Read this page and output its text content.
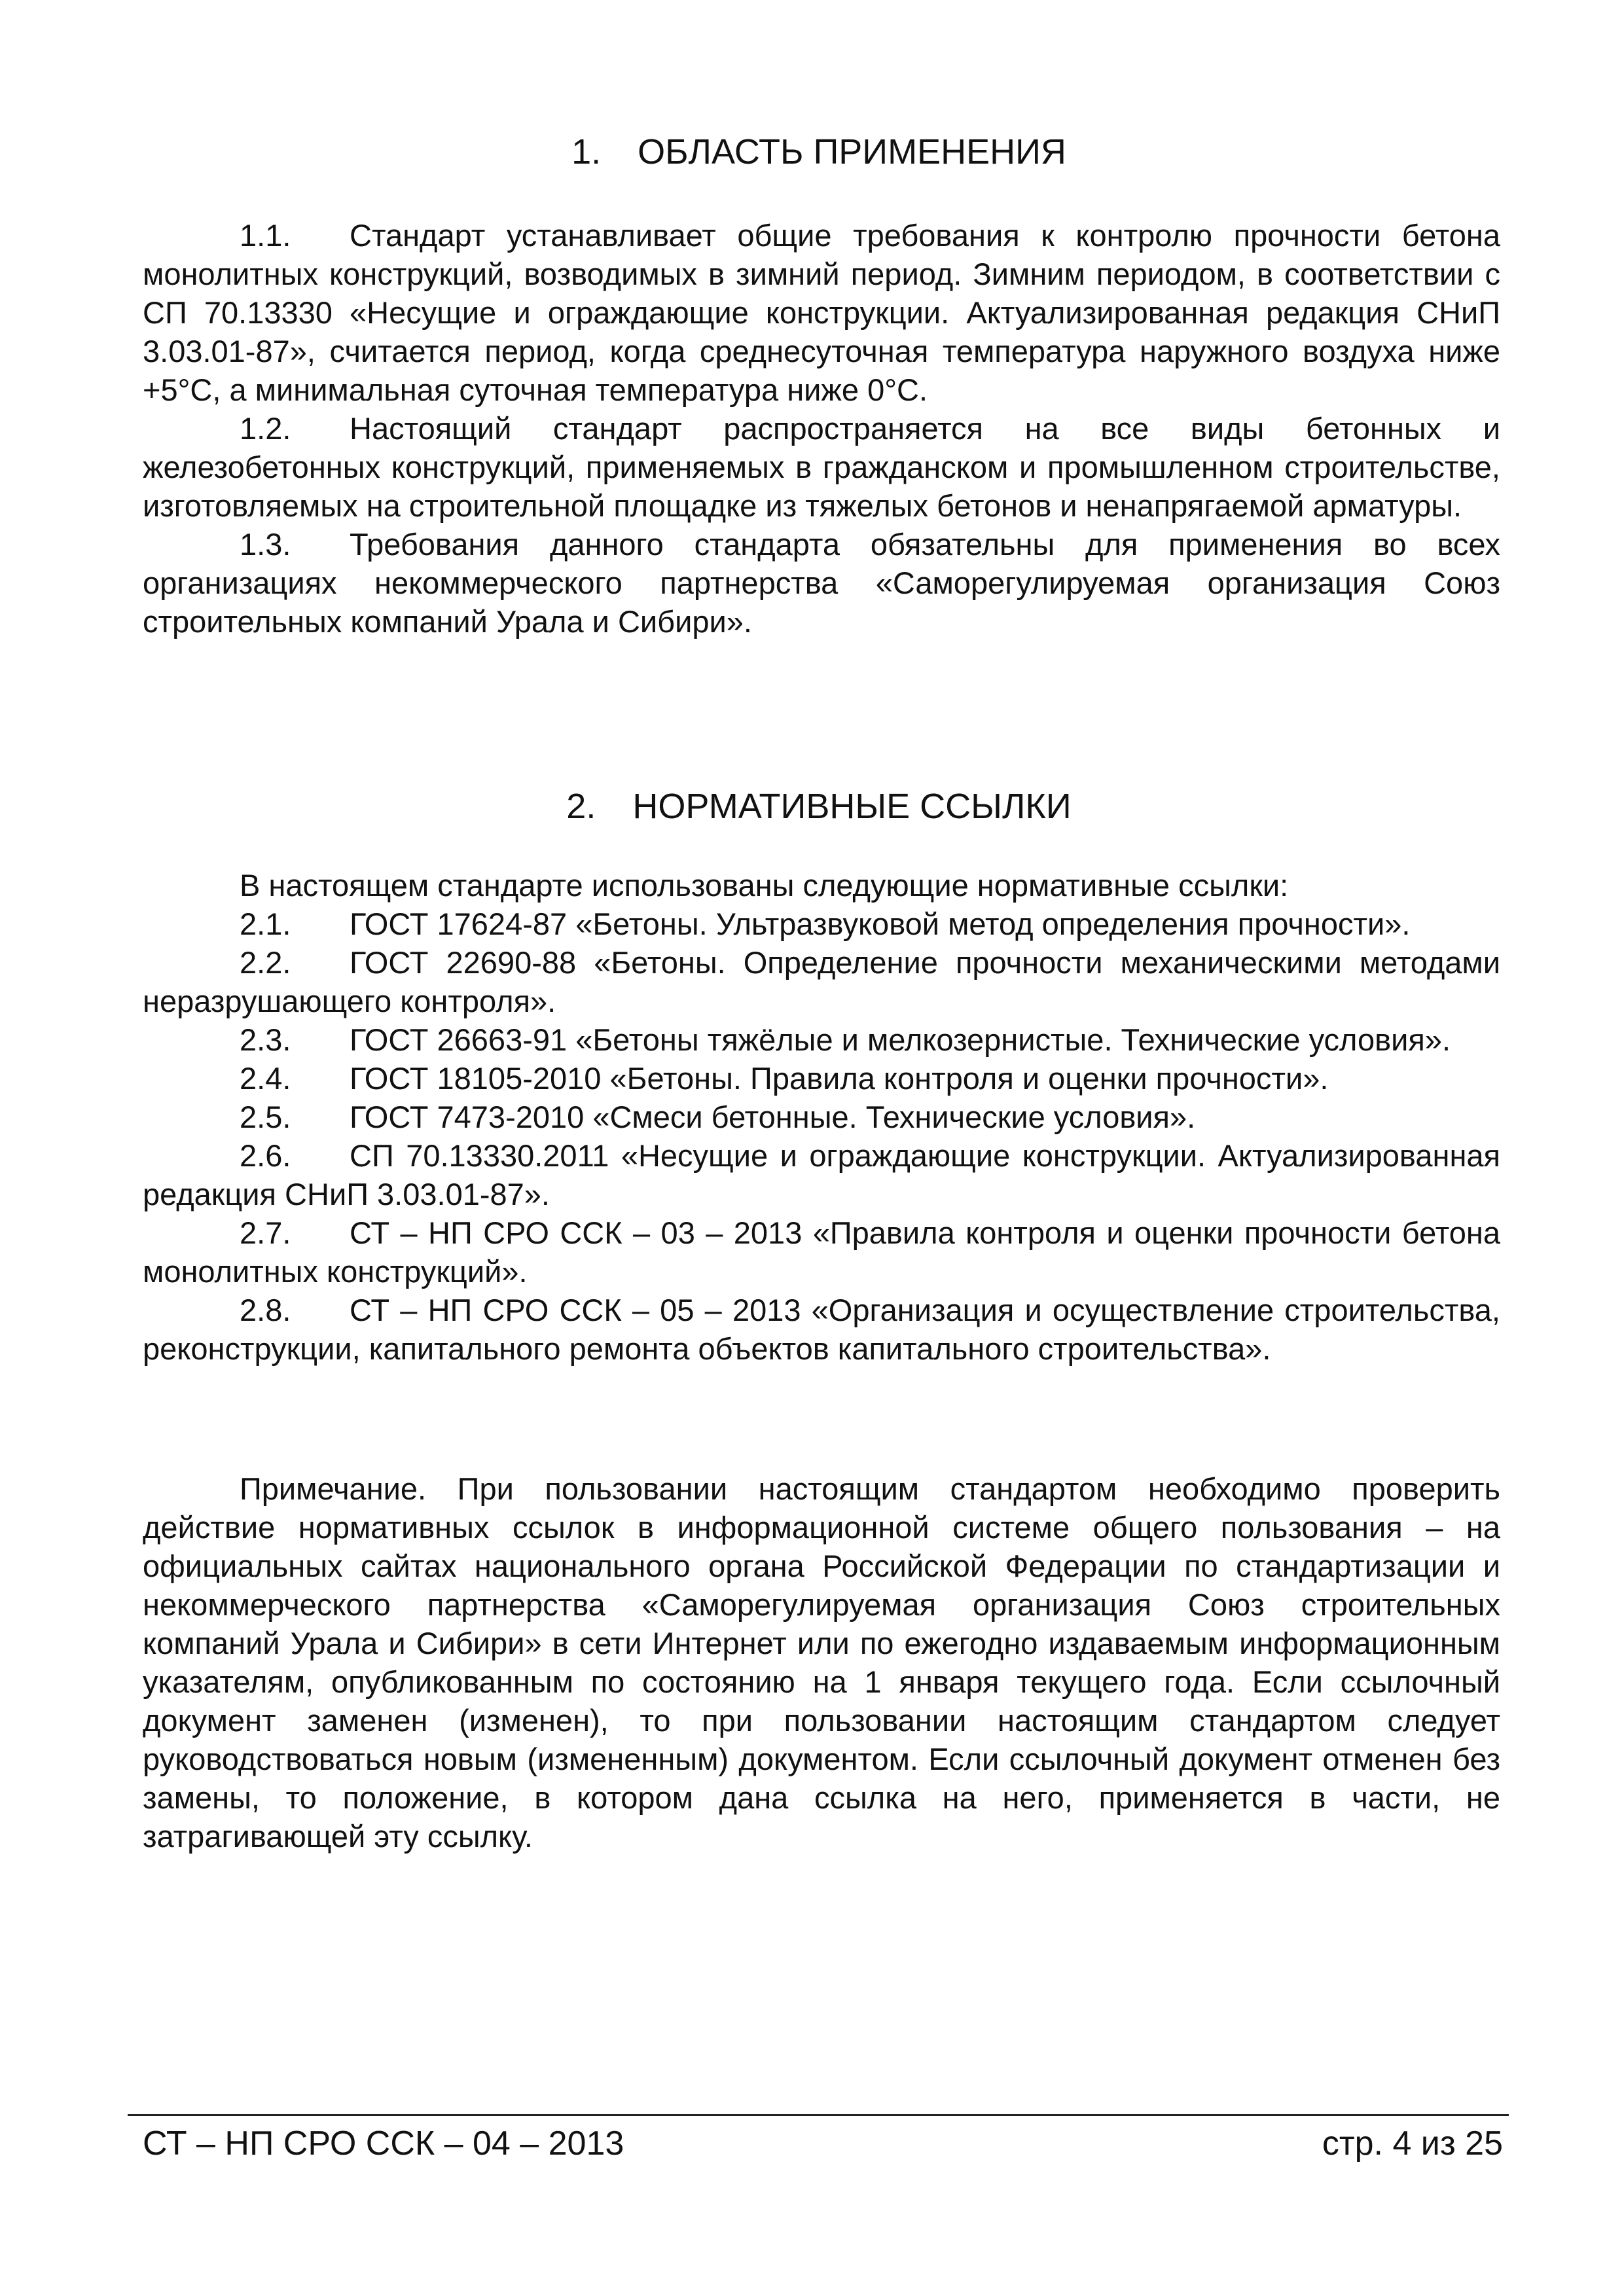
1. ОБЛАСТЬ ПРИМЕНЕНИЯ

1.1. Стандарт устанавливает общие требования к контролю прочности бетона монолитных конструкций, возводимых в зимний период. Зимним периодом, в соответствии с СП 70.13330 «Несущие и ограждающие конструкции. Актуализированная редакция СНиП 3.03.01-87», считается период, когда среднесуточная температура наружного воздуха ниже +5°С, а минимальная суточная температура ниже 0°С.

1.2. Настоящий стандарт распространяется на все виды бетонных и железобетонных конструкций, применяемых в гражданском и промышленном строительстве, изготовляемых на строительной площадке из тяжелых бетонов и ненапрягаемой арматуры.

1.3. Требования данного стандарта обязательны для применения во всех организациях некоммерческого партнерства «Саморегулируемая организация Союз строительных компаний Урала и Сибири».

2. НОРМАТИВНЫЕ ССЫЛКИ

В настоящем стандарте использованы следующие нормативные ссылки:

2.1. ГОСТ 17624-87 «Бетоны. Ультразвуковой метод определения прочности».

2.2. ГОСТ 22690-88 «Бетоны. Определение прочности механическими методами неразрушающего контроля».

2.3. ГОСТ 26663-91 «Бетоны тяжёлые и мелкозернистые. Технические условия».

2.4. ГОСТ 18105-2010 «Бетоны. Правила контроля и оценки прочности».

2.5. ГОСТ 7473-2010 «Смеси бетонные. Технические условия».

2.6. СП 70.13330.2011 «Несущие и ограждающие конструкции. Актуализированная редакция СНиП 3.03.01-87».

2.7. СТ – НП СРО ССК – 03 – 2013 «Правила контроля и оценки прочности бетона монолитных конструкций».

2.8. СТ – НП СРО ССК – 05 – 2013 «Организация и осуществление строительства, реконструкции, капитального ремонта объектов капитального строительства».

Примечание. При пользовании настоящим стандартом необходимо проверить действие нормативных ссылок в информационной системе общего пользования – на официальных сайтах национального органа Российской Федерации по стандартизации и некоммерческого партнерства «Саморегулируемая организация Союз строительных компаний Урала и Сибири» в сети Интернет или по ежегодно издаваемым информационным указателям, опубликованным по состоянию на 1 января текущего года. Если ссылочный документ заменен (изменен), то при пользовании настоящим стандартом следует руководствоваться новым (измененным) документом. Если ссылочный документ отменен без замены, то положение, в котором дана ссылка на него, применяется в части, не затрагивающей эту ссылку.

СТ – НП СРО ССК – 04 – 2013	стр. 4 из 25
